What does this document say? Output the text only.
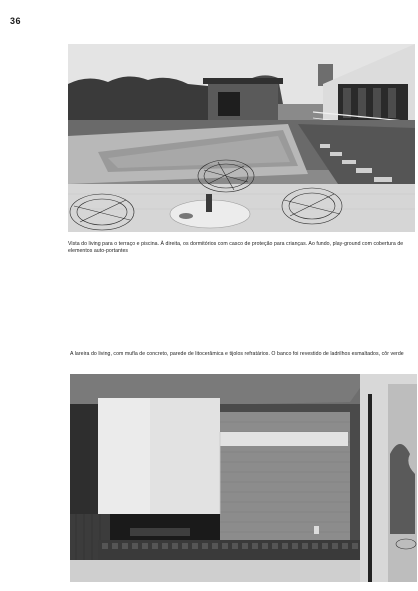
36
Vista do living para o terraço e piscina. À direita, os dormitórios com casco de proteção para crianças. Ao fundo, play-ground com cobertura de elementos auto-portantes
A lareira do living, com mufla de concreto, parede de litocerâmica e tijolos refratários. O banco foi revestido de ladrilhos esmaltados, côr verde
